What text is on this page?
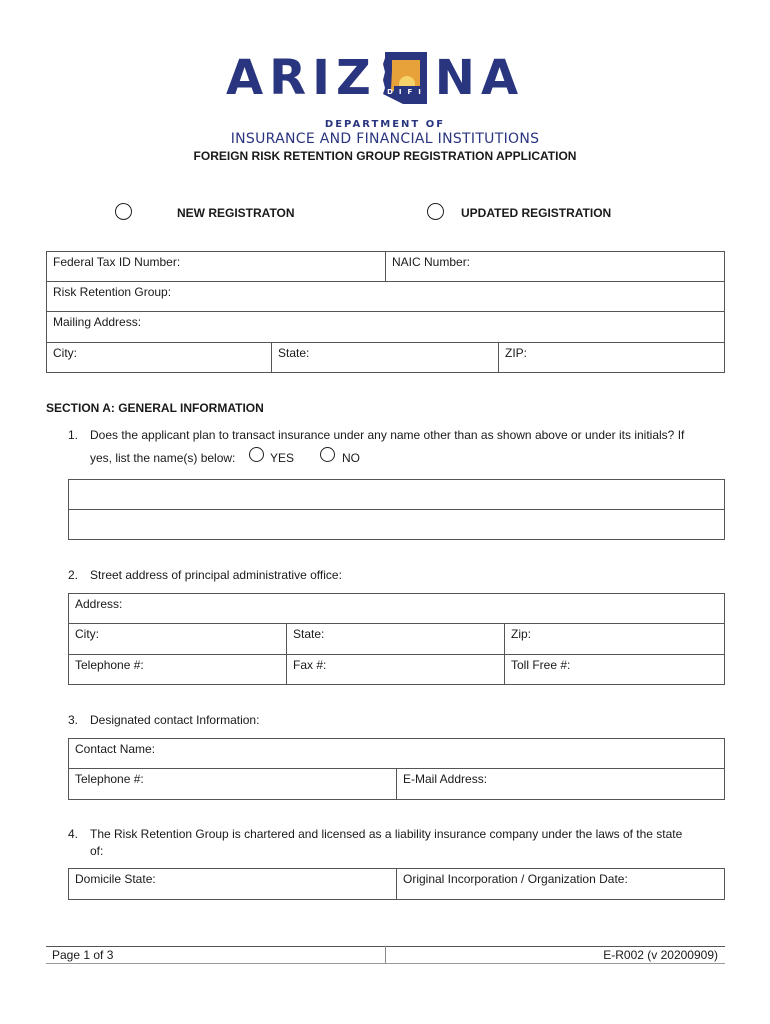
ARIZ DIFI NA
DEPARTMENT OF
INSURANCE AND FINANCIAL INSTITUTIONS
FOREIGN RISK RETENTION GROUP REGISTRATION APPLICATION
NEW REGISTRATON	UPDATED REGISTRATION
Federal Tax ID Number:	NAIC Number:
Risk Retention Group:
Mailing Address:
City:	State:	ZIP:
SECTION A: GENERAL INFORMATION
1. Does the applicant plan to transact insurance under any name other than as shown above or under its initials? If
yes, list the name(s) below:	YES	NO
2. Street address of principal administrative office:
Address:
City:	State:	Zip:
Telephone #:	Fax #:	Toll Free #:
3. Designated contact Information:
Contact Name:
Telephone #:	E-Mail Address:
4. The Risk Retention Group is chartered and licensed as a liability insurance company under the laws of the state
of:
Domicile State:	Original Incorporation / Organization Date:
Page 1 of 3	E-R002 (v 20200909)
